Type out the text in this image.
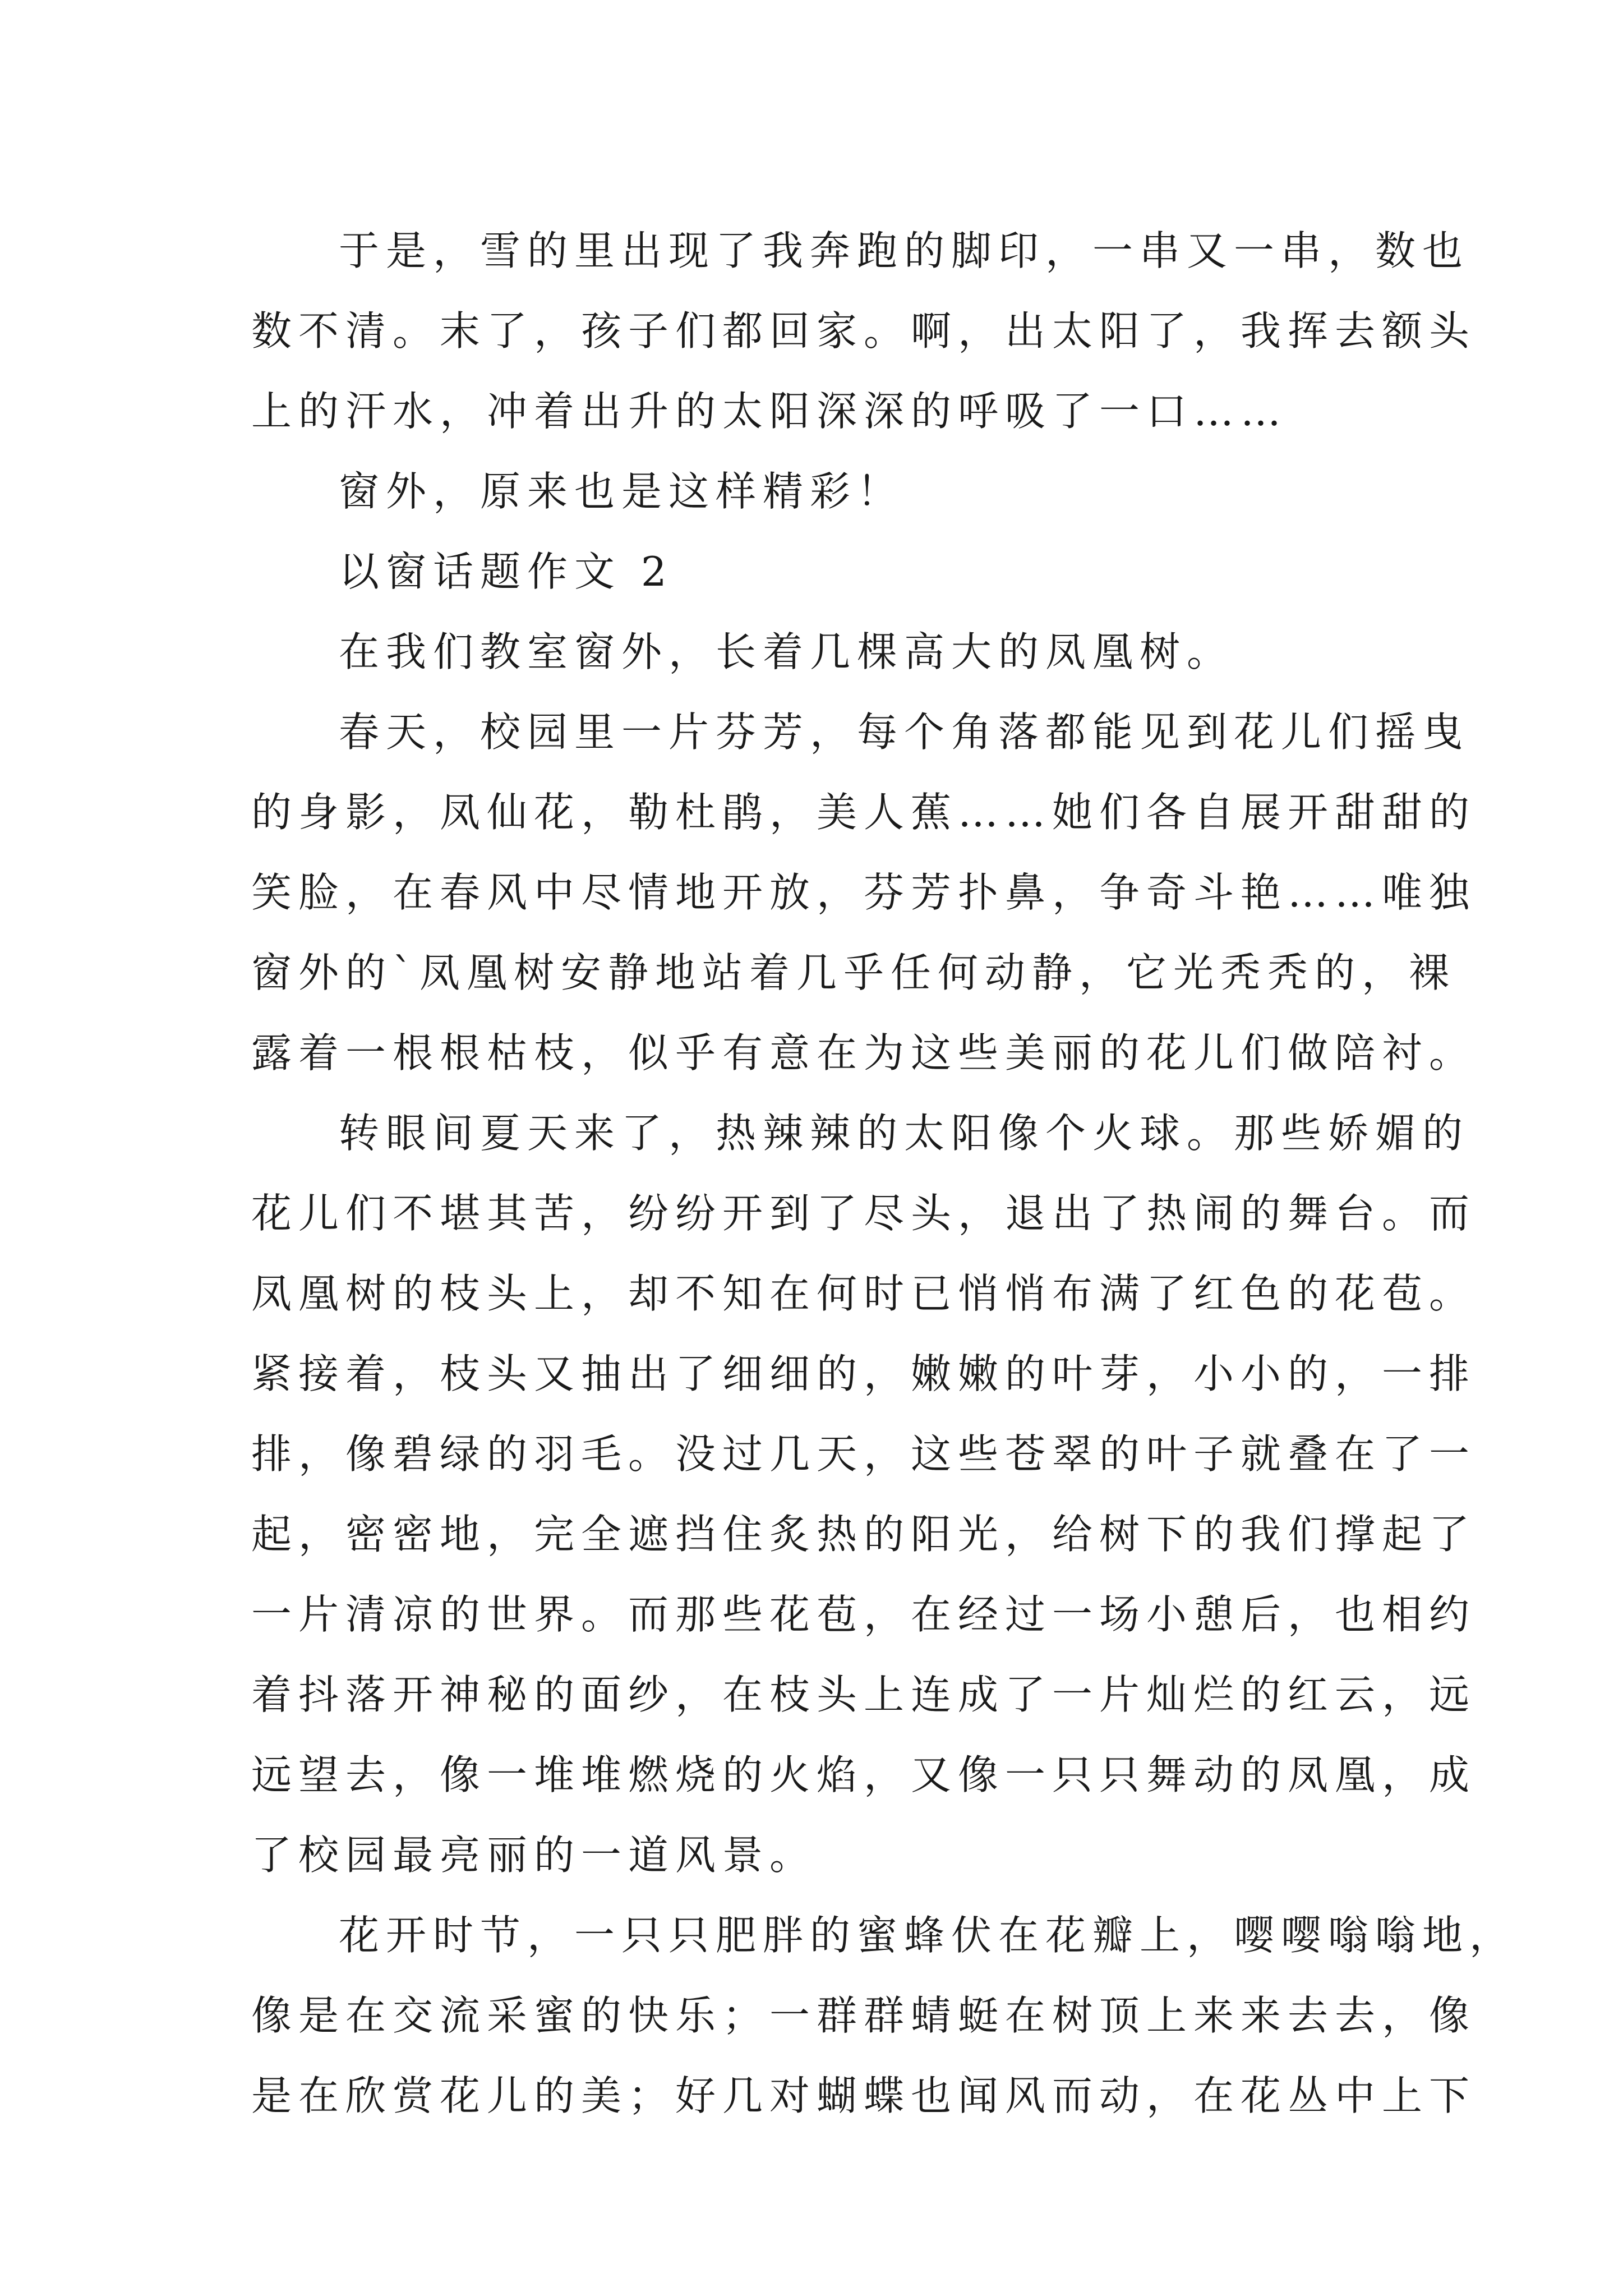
于是，雪的里出现了我奔跑的脚印，一串又一串，数也
数不清。末了，孩子们都回家。啊，出太阳了，我挥去额头
上的汗水，冲着出升的太阳深深的呼吸了一口……
窗外，原来也是这样精彩！
以窗话题作文 2
在我们教室窗外，长着几棵高大的凤凰树。
春天，校园里一片芬芳，每个角落都能见到花儿们摇曳
的身影，凤仙花，勒杜鹃，美人蕉……她们各自展开甜甜的
笑脸，在春风中尽情地开放，芬芳扑鼻，争奇斗艳……唯独
窗外的`凤凰树安静地站着几乎任何动静，它光秃秃的，裸
露着一根根枯枝，似乎有意在为这些美丽的花儿们做陪衬。
转眼间夏天来了，热辣辣的太阳像个火球。那些娇媚的
花儿们不堪其苦，纷纷开到了尽头，退出了热闹的舞台。而
凤凰树的枝头上，却不知在何时已悄悄布满了红色的花苞。
紧接着，枝头又抽出了细细的，嫩嫩的叶芽，小小的，一排
排，像碧绿的羽毛。没过几天，这些苍翠的叶子就叠在了一
起，密密地，完全遮挡住炙热的阳光，给树下的我们撑起了
一片清凉的世界。而那些花苞，在经过一场小憩后，也相约
着抖落开神秘的面纱，在枝头上连成了一片灿烂的红云，远
远望去，像一堆堆燃烧的火焰，又像一只只舞动的凤凰，成
了校园最亮丽的一道风景。
花开时节，一只只肥胖的蜜蜂伏在花瓣上，嘤嘤嗡嗡地，
像是在交流采蜜的快乐；一群群蜻蜓在树顶上来来去去，像
是在欣赏花儿的美；好几对蝴蝶也闻风而动，在花丛中上下
